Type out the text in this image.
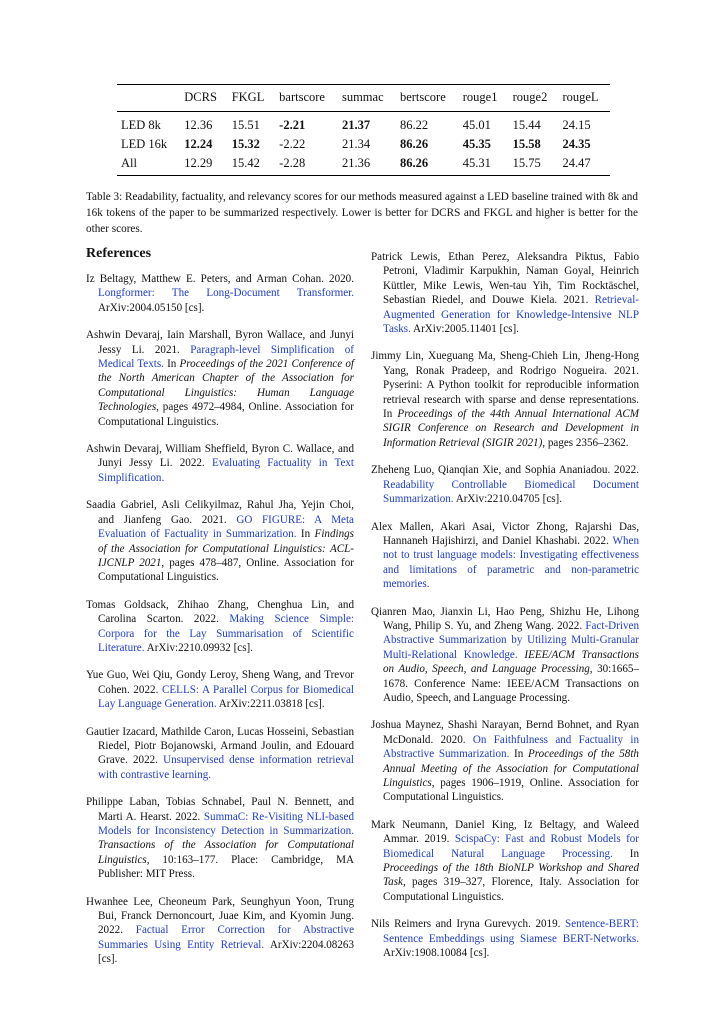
	DCRS	FKGL	bartscore	summac	bertscore	rouge1	rouge2	rougeL
LED 8k	12.36	15.51	-2.21	21.37	86.22	45.01	15.44	24.15
LED 16k	12.24	15.32	-2.22	21.34	86.26	45.35	15.58	24.35
All	12.29	15.42	-2.28	21.36	86.26	45.31	15.75	24.47

Table 3: Readability, factuality, and relevancy scores for our methods measured against a LED baseline trained with 8k and 16k tokens of the paper to be summarized respectively. Lower is better for DCRS and FKGL and higher is better for the other scores.

References

Iz Beltagy, Matthew E. Peters, and Arman Cohan. 2020. Longformer: The Long-Document Transformer. ArXiv:2004.05150 [cs].

Ashwin Devaraj, Iain Marshall, Byron Wallace, and Junyi Jessy Li. 2021. Paragraph-level Simplification of Medical Texts. In Proceedings of the 2021 Conference of the North American Chapter of the Association for Computational Linguistics: Human Language Technologies, pages 4972–4984, Online. Association for Computational Linguistics.

Ashwin Devaraj, William Sheffield, Byron C. Wallace, and Junyi Jessy Li. 2022. Evaluating Factuality in Text Simplification.

Saadia Gabriel, Asli Celikyilmaz, Rahul Jha, Yejin Choi, and Jianfeng Gao. 2021. GO FIGURE: A Meta Evaluation of Factuality in Summarization. In Findings of the Association for Computational Linguistics: ACL-IJCNLP 2021, pages 478–487, Online. Association for Computational Linguistics.

Tomas Goldsack, Zhihao Zhang, Chenghua Lin, and Carolina Scarton. 2022. Making Science Simple: Corpora for the Lay Summarisation of Scientific Literature. ArXiv:2210.09932 [cs].

Yue Guo, Wei Qiu, Gondy Leroy, Sheng Wang, and Trevor Cohen. 2022. CELLS: A Parallel Corpus for Biomedical Lay Language Generation. ArXiv:2211.03818 [cs].

Gautier Izacard, Mathilde Caron, Lucas Hosseini, Sebastian Riedel, Piotr Bojanowski, Armand Joulin, and Edouard Grave. 2022. Unsupervised dense information retrieval with contrastive learning.

Philippe Laban, Tobias Schnabel, Paul N. Bennett, and Marti A. Hearst. 2022. SummaC: Re-Visiting NLI-based Models for Inconsistency Detection in Summarization. Transactions of the Association for Computational Linguistics, 10:163–177. Place: Cambridge, MA Publisher: MIT Press.

Hwanhee Lee, Cheoneum Park, Seunghyun Yoon, Trung Bui, Franck Dernoncourt, Juae Kim, and Kyomin Jung. 2022. Factual Error Correction for Abstractive Summaries Using Entity Retrieval. ArXiv:2204.08263 [cs].

Patrick Lewis, Ethan Perez, Aleksandra Piktus, Fabio Petroni, Vladimir Karpukhin, Naman Goyal, Heinrich Küttler, Mike Lewis, Wen-tau Yih, Tim Rocktäschel, Sebastian Riedel, and Douwe Kiela. 2021. Retrieval-Augmented Generation for Knowledge-Intensive NLP Tasks. ArXiv:2005.11401 [cs].

Jimmy Lin, Xueguang Ma, Sheng-Chieh Lin, Jheng-Hong Yang, Ronak Pradeep, and Rodrigo Nogueira. 2021. Pyserini: A Python toolkit for reproducible information retrieval research with sparse and dense representations. In Proceedings of the 44th Annual International ACM SIGIR Conference on Research and Development in Information Retrieval (SIGIR 2021), pages 2356–2362.

Zheheng Luo, Qianqian Xie, and Sophia Ananiadou. 2022. Readability Controllable Biomedical Document Summarization. ArXiv:2210.04705 [cs].

Alex Mallen, Akari Asai, Victor Zhong, Rajarshi Das, Hannaneh Hajishirzi, and Daniel Khashabi. 2022. When not to trust language models: Investigating effectiveness and limitations of parametric and non-parametric memories.

Qianren Mao, Jianxin Li, Hao Peng, Shizhu He, Lihong Wang, Philip S. Yu, and Zheng Wang. 2022. Fact-Driven Abstractive Summarization by Utilizing Multi-Granular Multi-Relational Knowledge. IEEE/ACM Transactions on Audio, Speech, and Language Processing, 30:1665–1678. Conference Name: IEEE/ACM Transactions on Audio, Speech, and Language Processing.

Joshua Maynez, Shashi Narayan, Bernd Bohnet, and Ryan McDonald. 2020. On Faithfulness and Factuality in Abstractive Summarization. In Proceedings of the 58th Annual Meeting of the Association for Computational Linguistics, pages 1906–1919, Online. Association for Computational Linguistics.

Mark Neumann, Daniel King, Iz Beltagy, and Waleed Ammar. 2019. ScispaCy: Fast and Robust Models for Biomedical Natural Language Processing. In Proceedings of the 18th BioNLP Workshop and Shared Task, pages 319–327, Florence, Italy. Association for Computational Linguistics.

Nils Reimers and Iryna Gurevych. 2019. Sentence-BERT: Sentence Embeddings using Siamese BERT-Networks. ArXiv:1908.10084 [cs].
